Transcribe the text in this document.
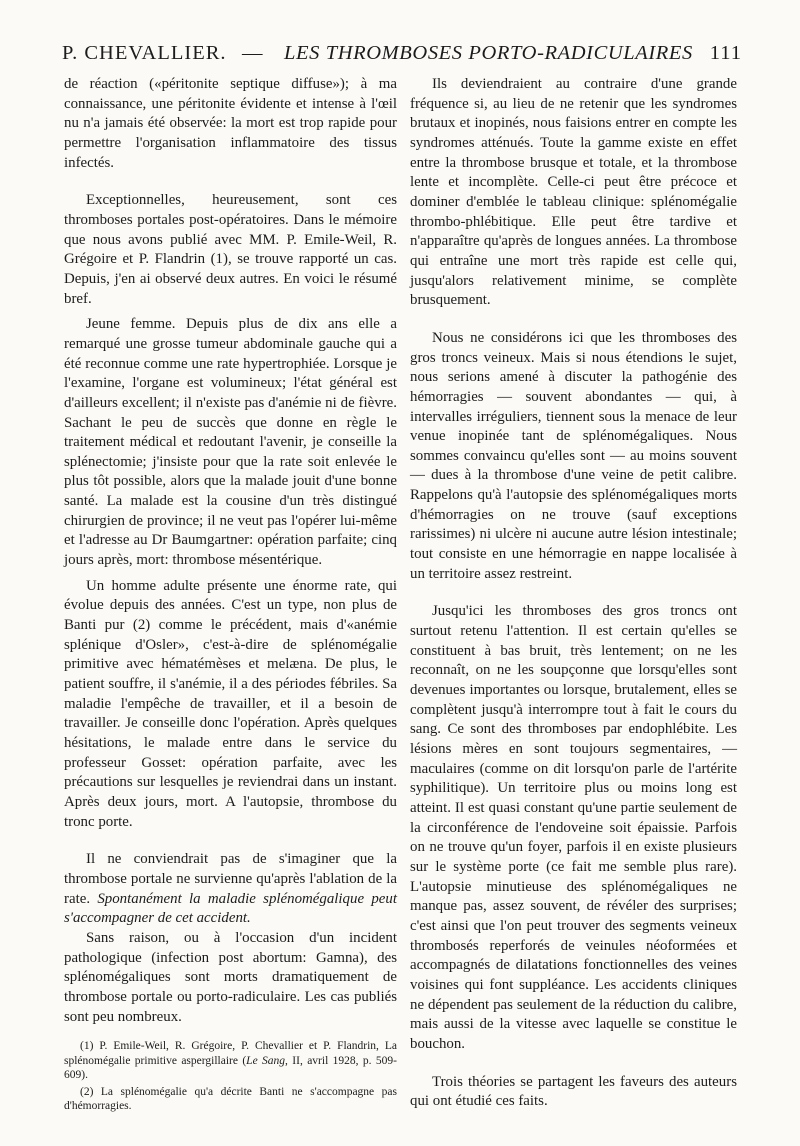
P. CHEVALLIER. — LES THROMBOSES PORTO-RADICULAIRES 111

de réaction («péritonite septique diffuse»); à ma connaissance, une péritonite évidente et intense à l'œil nu n'a jamais été observée: la mort est trop rapide pour permettre l'organisation inflammatoire des tissus infectés.

Exceptionnelles, heureusement, sont ces thromboses portales post-opératoires. Dans le mémoire que nous avons publié avec MM. P. Emile-Weil, R. Grégoire et P. Flandrin (1), se trouve rapporté un cas. Depuis, j'en ai observé deux autres. En voici le résumé bref.

Jeune femme. Depuis plus de dix ans elle a remarqué une grosse tumeur abdominale gauche qui a été reconnue comme une rate hypertrophiée. Lorsque je l'examine, l'organe est volumineux; l'état général est d'ailleurs excellent; il n'existe pas d'anémie ni de fièvre. Sachant le peu de succès que donne en règle le traitement médical et redoutant l'avenir, je conseille la splénectomie; j'insiste pour que la rate soit enlevée le plus tôt possible, alors que la malade jouit d'une bonne santé. La malade est la cousine d'un très distingué chirurgien de province; il ne veut pas l'opérer lui-même et l'adresse au Dr Baumgartner: opération parfaite; cinq jours après, mort: thrombose mésentérique.

Un homme adulte présente une énorme rate, qui évolue depuis des années. C'est un type, non plus de Banti pur (2) comme le précédent, mais d'«anémie splénique d'Osler», c'est-à-dire de splénomégalie primitive avec hématémèses et melæna. De plus, le patient souffre, il s'anémie, il a des périodes fébriles. Sa maladie l'empêche de travailler, et il a besoin de travailler. Je conseille donc l'opération. Après quelques hésitations, le malade entre dans le service du professeur Gosset: opération parfaite, avec les précautions sur lesquelles je reviendrai dans un instant. Après deux jours, mort. A l'autopsie, thrombose du tronc porte.

Il ne conviendrait pas de s'imaginer que la thrombose portale ne survienne qu'après l'ablation de la rate. Spontanément la maladie splénomégalique peut s'accompagner de cet accident.

Sans raison, ou à l'occasion d'un incident pathologique (infection post abortum: Gamna), des splénomégaliques sont morts dramatiquement de thrombose portale ou porto-radiculaire. Les cas publiés sont peu nombreux.

(1) P. Emile-Weil, R. Grégoire, P. Chevallier et P. Flandrin, La splénomégalie primitive aspergillaire (Le Sang, II, avril 1928, p. 509-609).

(2) La splénomégalie qu'a décrite Banti ne s'accompagne pas d'hémorragies.

Ils deviendraient au contraire d'une grande fréquence si, au lieu de ne retenir que les syndromes brutaux et inopinés, nous faisions entrer en compte les syndromes atténués. Toute la gamme existe en effet entre la thrombose brusque et totale, et la thrombose lente et incomplète. Celle-ci peut être précoce et dominer d'emblée le tableau clinique: splénomégalie thrombo-phlébitique. Elle peut être tardive et n'apparaître qu'après de longues années. La thrombose qui entraîne une mort très rapide est celle qui, jusqu'alors relativement minime, se complète brusquement.

Nous ne considérons ici que les thromboses des gros troncs veineux. Mais si nous étendions le sujet, nous serions amené à discuter la pathogénie des hémorragies — souvent abondantes — qui, à intervalles irréguliers, tiennent sous la menace de leur venue inopinée tant de splénomégaliques. Nous sommes convaincu qu'elles sont — au moins souvent — dues à la thrombose d'une veine de petit calibre. Rappelons qu'à l'autopsie des splénomégaliques morts d'hémorragies on ne trouve (sauf exceptions rarissimes) ni ulcère ni aucune autre lésion intestinale; tout consiste en une hémorragie en nappe localisée à un territoire assez restreint.

Jusqu'ici les thromboses des gros troncs ont surtout retenu l'attention. Il est certain qu'elles se constituent à bas bruit, très lentement; on ne les reconnaît, on ne les soupçonne que lorsqu'elles sont devenues importantes ou lorsque, brutalement, elles se complètent jusqu'à interrompre tout à fait le cours du sang. Ce sont des thromboses par endophlébite. Les lésions mères en sont toujours segmentaires, — maculaires (comme on dit lorsqu'on parle de l'artérite syphilitique). Un territoire plus ou moins long est atteint. Il est quasi constant qu'une partie seulement de la circonférence de l'endoveine soit épaissie. Parfois on ne trouve qu'un foyer, parfois il en existe plusieurs sur le système porte (ce fait me semble plus rare). L'autopsie minutieuse des splénomégaliques ne manque pas, assez souvent, de révéler des surprises; c'est ainsi que l'on peut trouver des segments veineux thrombosés reperforés de veinules néoformées et accompagnés de dilatations fonctionnelles des veines voisines qui font suppléance. Les accidents cliniques ne dépendent pas seulement de la réduction du calibre, mais aussi de la vitesse avec laquelle se constitue le bouchon.

Trois théories se partagent les faveurs des auteurs qui ont étudié ces faits.
